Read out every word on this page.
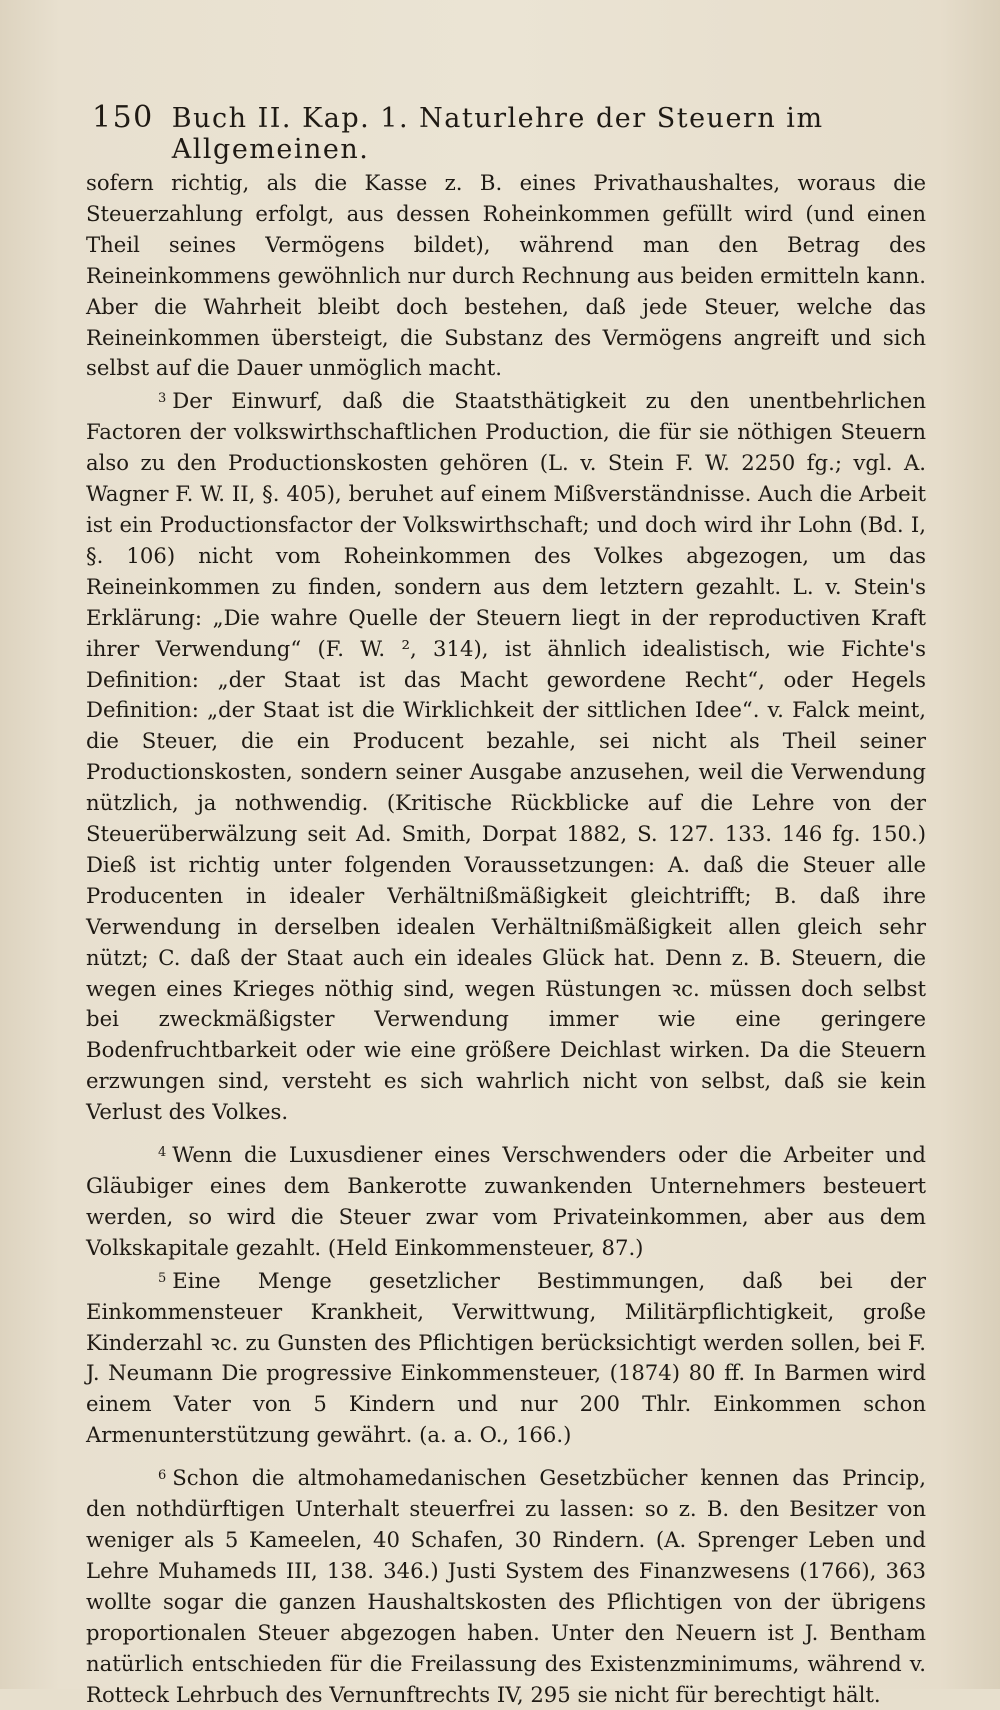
150 Buch II. Kap. 1. Naturlehre der Steuern im Allgemeinen.

sofern richtig, als die Kasse z. B. eines Privathaushaltes, woraus die Steuerzahlung erfolgt, aus dessen Roheinkommen gefüllt wird (und einen Theil seines Vermögens bildet), während man den Betrag des Reineinkommens gewöhnlich nur durch Rechnung aus beiden ermitteln kann. Aber die Wahrheit bleibt doch bestehen, daß jede Steuer, welche das Reineinkommen übersteigt, die Substanz des Vermögens angreift und sich selbst auf die Dauer unmöglich macht.

$^3$ Der Einwurf, daß die Staatsthätigkeit zu den unentbehrlichen Factoren der volkswirthschaftlichen Production, die für sie nöthigen Steuern also zu den Productionskosten gehören (L. v. Stein F. W. 2250 fg.; vgl. A. Wagner F. W. II, §. 405), beruhet auf einem Mißverständnisse. Auch die Arbeit ist ein Productionsfactor der Volkswirthschaft; und doch wird ihr Lohn (Bd. I, §. 106) nicht vom Roheinkommen des Volkes abgezogen, um das Reineinkommen zu finden, sondern aus dem letztern gezahlt. L. v. Stein's Erklärung: „Die wahre Quelle der Steuern liegt in der reproductiven Kraft ihrer Verwendung“ (F. W. ², 314), ist ähnlich idealistisch, wie Fichte's Definition: „der Staat ist das Macht gewordene Recht“, oder Hegels Definition: „der Staat ist die Wirklichkeit der sittlichen Idee“. v. Falck meint, die Steuer, die ein Producent bezahle, sei nicht als Theil seiner Productionskosten, sondern seiner Ausgabe anzusehen, weil die Verwendung nützlich, ja nothwendig. (Kritische Rückblicke auf die Lehre von der Steuerüberwälzung seit Ad. Smith, Dorpat 1882, S. 127. 133. 146 fg. 150.) Dieß ist richtig unter folgenden Voraussetzungen: A. daß die Steuer alle Producenten in idealer Verhältnißmäßigkeit gleichtrifft; B. daß ihre Verwendung in derselben idealen Verhältnißmäßigkeit allen gleich sehr nützt; C. daß der Staat auch ein ideales Glück hat. Denn z. B. Steuern, die wegen eines Krieges nöthig sind, wegen Rüstungen ꝛc. müssen doch selbst bei zweckmäßigster Verwendung immer wie eine geringere Bodenfruchtbarkeit oder wie eine größere Deichlast wirken. Da die Steuern erzwungen sind, versteht es sich wahrlich nicht von selbst, daß sie kein Verlust des Volkes.

$^4$ Wenn die Luxusdiener eines Verschwenders oder die Arbeiter und Gläubiger eines dem Bankerotte zuwankenden Unternehmers besteuert werden, so wird die Steuer zwar vom Privateinkommen, aber aus dem Volkskapitale gezahlt. (Held Einkommensteuer, 87.)

$^5$ Eine Menge gesetzlicher Bestimmungen, daß bei der Einkommensteuer Krankheit, Verwittwung, Militärpflichtigkeit, große Kinderzahl ꝛc. zu Gunsten des Pflichtigen berücksichtigt werden sollen, bei F. J. Neumann Die progressive Einkommensteuer, (1874) 80 ff. In Barmen wird einem Vater von 5 Kindern und nur 200 Thlr. Einkommen schon Armenunterstützung gewährt. (a. a. O., 166.)

$^6$ Schon die altmohamedanischen Gesetzbücher kennen das Princip, den nothdürftigen Unterhalt steuerfrei zu lassen: so z. B. den Besitzer von weniger als 5 Kameelen, 40 Schafen, 30 Rindern. (A. Sprenger Leben und Lehre Muhameds III, 138. 346.) Justi System des Finanzwesens (1766), 363 wollte sogar die ganzen Haushaltskosten des Pflichtigen von der übrigens proportionalen Steuer abgezogen haben. Unter den Neuern ist J. Bentham natürlich entschieden für die Freilassung des Existenzminimums, während v. Rotteck Lehrbuch des Vernunftrechts IV, 295 sie nicht für berechtigt hält.
